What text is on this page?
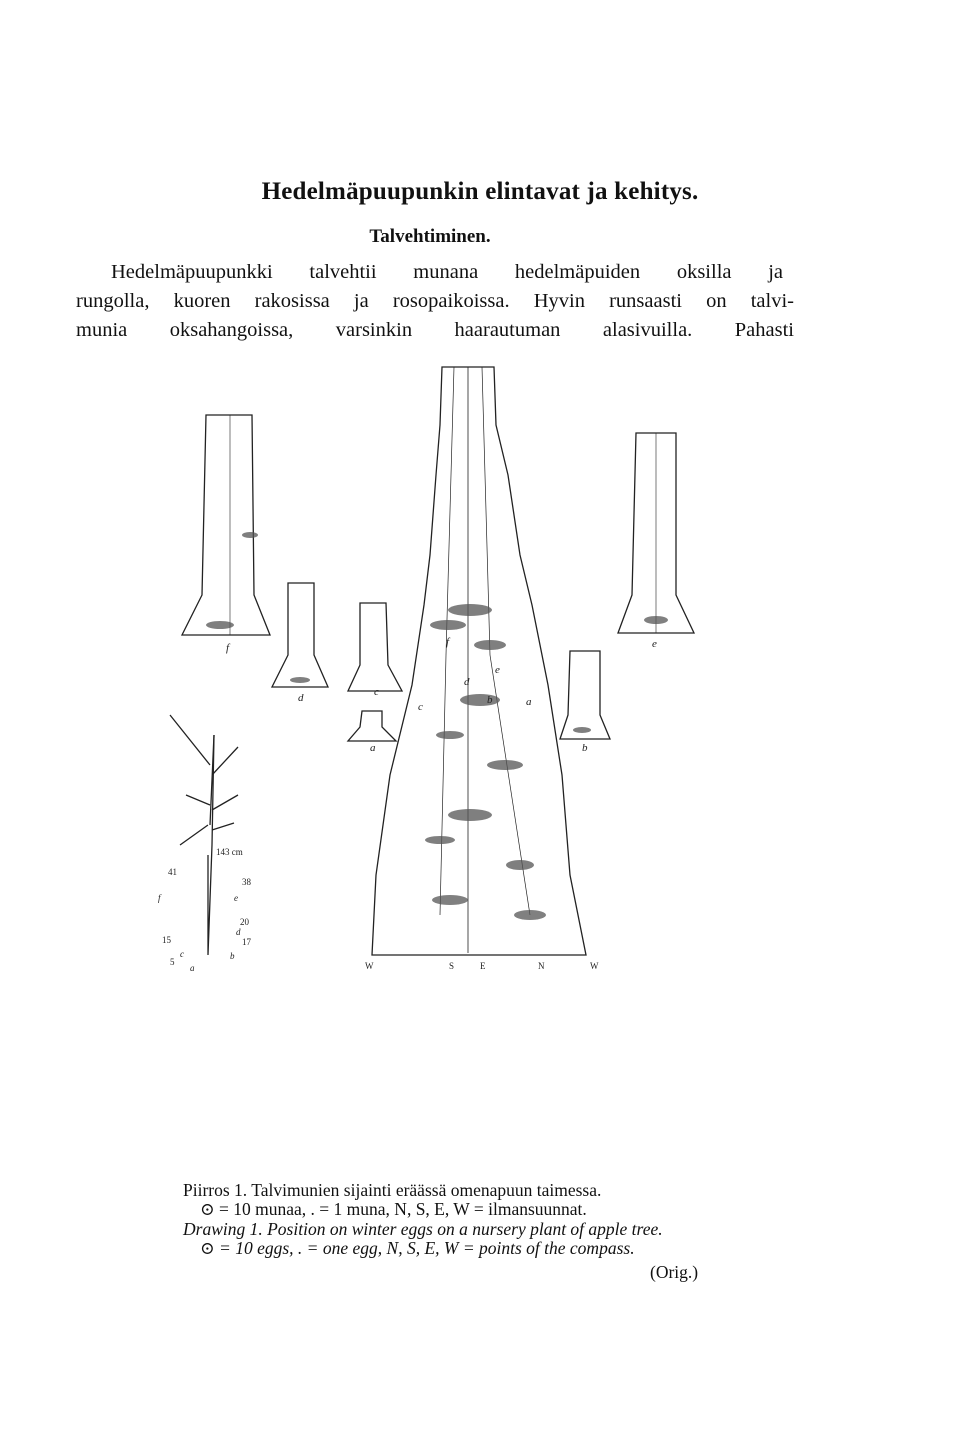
Hedelmäpuupunkin elintavat ja kehitys.
Talvehtiminen.
Hedelmäpuupunkki talvehtii munana hedelmäpuiden oksilla ja
rungolla, kuoren rakosissa ja rosopaikoissa. Hyvin runsaasti on talvi-
munia oksahangoissa, varsinkin haarautuman alasivuilla. Pahasti
f
d	c
a
e
b
f
e
d
c
b	a
143 cm
41
38
20
17
15
5
f	e
d
c	b
a	W	S	E	N	W
Piirros 1. Talvimunien sijainti eräässä omenapuun taimessa.
⊙ = 10 munaa, . = 1 muna, N, S, E, W = ilmansuunnat.
Drawing 1. Position on winter eggs on a nursery plant of apple tree.
⊙ = 10 eggs, . = one egg, N, S, E, W = points of the compass.
(Orig.)
